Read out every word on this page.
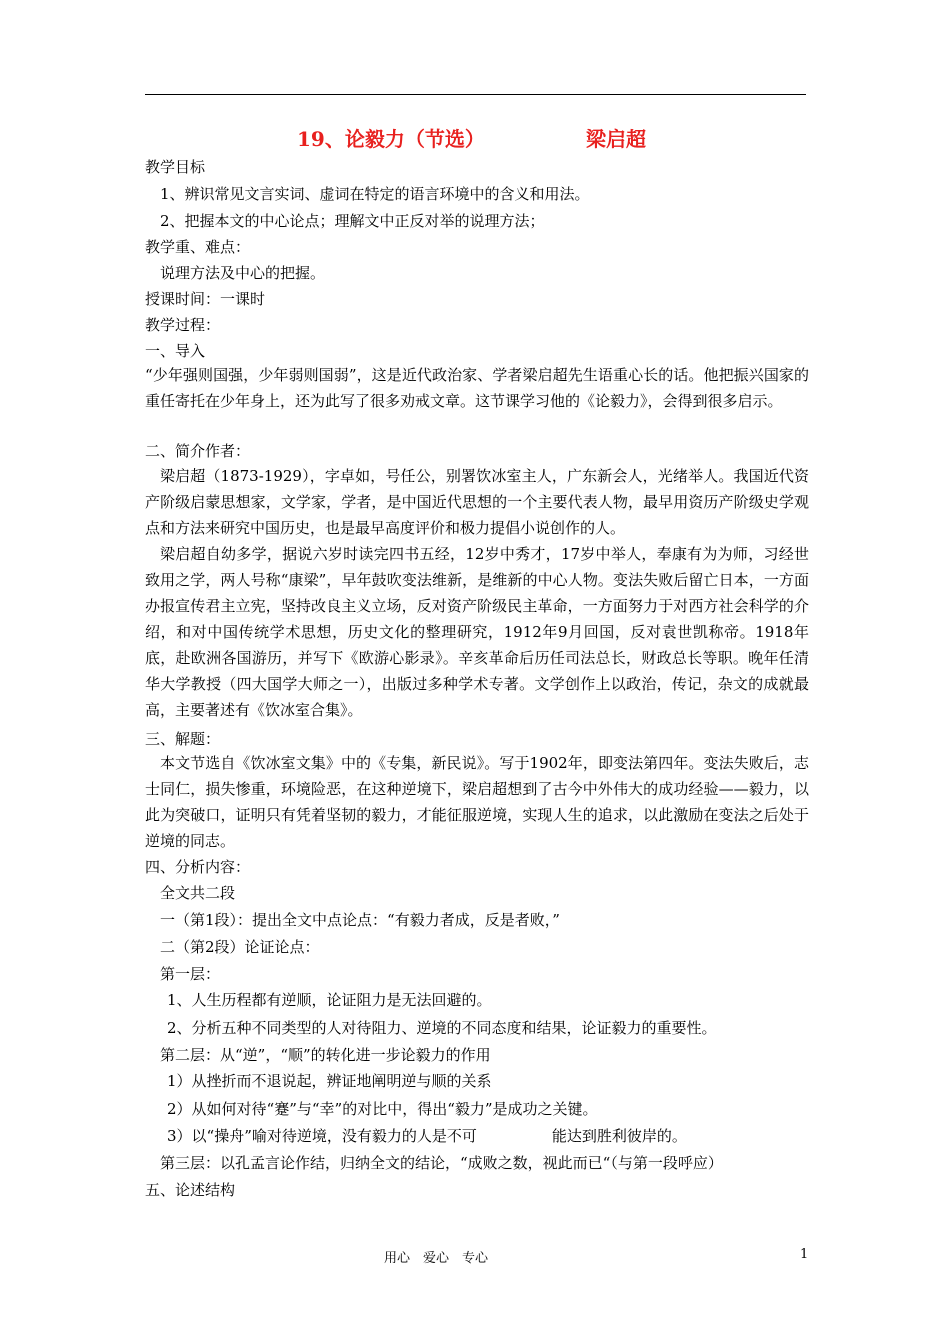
19、论毅力（节选）	梁启超
教学目标
1、辨识常见文言实词、虚词在特定的语言环境中的含义和用法。
2、把握本文的中心论点；理解文中正反对举的说理方法；
教学重、难点：
说理方法及中心的把握。
授课时间：一课时
教学过程：
一、导入
“少年强则国强，少年弱则国弱”，这是近代政治家、学者梁启超先生语重心长的话。他把振兴国家的重任寄托在少年身上，还为此写了很多劝戒文章。这节课学习他的《论毅力》，会得到很多启示。
二、简介作者：
梁启超（1873-1929），字卓如，号任公，别署饮冰室主人，广东新会人，光绪举人。我国近代资产阶级启蒙思想家，文学家，学者，是中国近代思想的一个主要代表人物，最早用资历产阶级史学观点和方法来研究中国历史，也是最早高度评价和极力提倡小说创作的人。
梁启超自幼多学，据说六岁时读完四书五经，12岁中秀才，17岁中举人，奉康有为为师，习经世致用之学，两人号称“康梁”，早年鼓吹变法维新，是维新的中心人物。变法失败后留亡日本，一方面办报宣传君主立宪，坚持改良主义立场，反对资产阶级民主革命，一方面努力于对西方社会科学的介绍，和对中国传统学术思想，历史文化的整理研究，1912年9月回国，反对袁世凯称帝。1918年底，赴欧洲各国游历，并写下《欧游心影录》。辛亥革命后历任司法总长，财政总长等职。晚年任清华大学教授（四大国学大师之一），出版过多种学术专著。文学创作上以政治，传记，杂文的成就最高，主要著述有《饮冰室合集》。
三、解题：
本文节选自《饮冰室文集》中的《专集，新民说》。写于1902年，即变法第四年。变法失败后，志士同仁，损失惨重，环境险恶，在这种逆境下，梁启超想到了古今中外伟大的成功经验——毅力，以此为突破口，证明只有凭着坚韧的毅力，才能征服逆境，实现人生的追求，以此激励在变法之后处于逆境的同志。
四、分析内容：
全文共二段
一（第1段）：提出全文中点论点：“有毅力者成，反是者败，”
二（第2段）论证论点：
第一层：
1、人生历程都有逆顺，论证阻力是无法回避的。
2、分析五种不同类型的人对待阻力、逆境的不同态度和结果，论证毅力的重要性。
第二层：从“逆”，“顺”的转化进一步论毅力的作用
1）从挫折而不退说起，辨证地阐明逆与顺的关系
2）从如何对待“蹇”与“幸”的对比中，得出“毅力”是成功之关键。
3）以“操舟”喻对待逆境，没有毅力的人是不可　　　　　能达到胜利彼岸的。
第三层：以孔孟言论作结，归纳全文的结论，“成败之数，视此而已“（与第一段呼应）
五、论述结构
用心　爱心　专心	1
